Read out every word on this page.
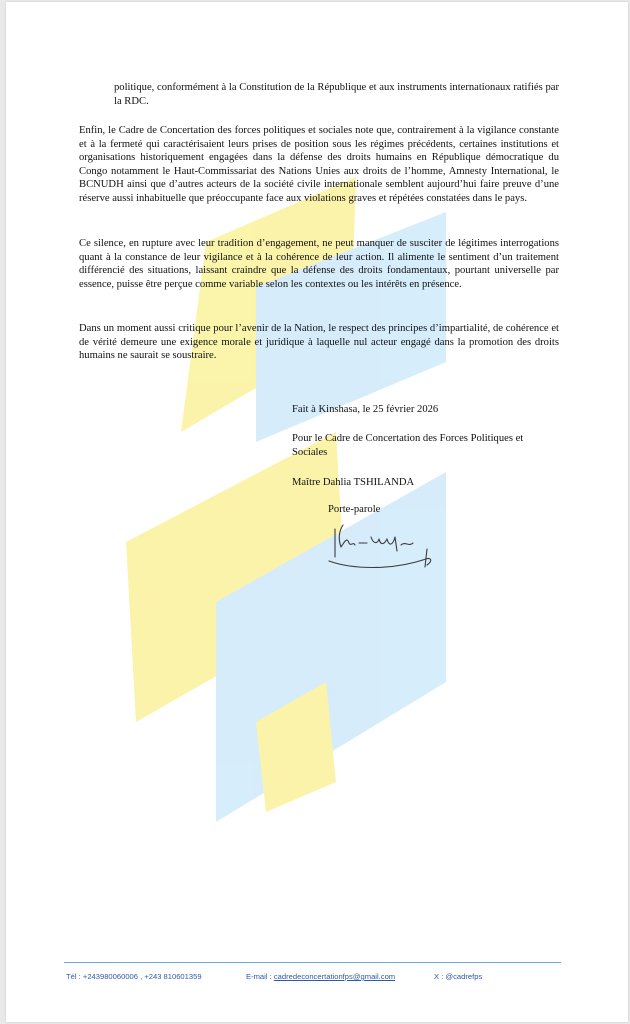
politique, conformément à la Constitution de la République et aux instruments internationaux ratifiés par la RDC.

Enfin, le Cadre de Concertation des forces politiques et sociales note que, contrairement à la vigilance constante et à la fermeté qui caractérisaient leurs prises de position sous les régimes précédents, certaines institutions et organisations historiquement engagées dans la défense des droits humains en République démocratique du Congo notamment le Haut-Commissariat des Nations Unies aux droits de l’homme, Amnesty International, le BCNUDH ainsi que d’autres acteurs de la société civile internationale semblent aujourd’hui faire preuve d’une réserve aussi inhabituelle que préoccupante face aux violations graves et répétées constatées dans le pays.

Ce silence, en rupture avec leur tradition d’engagement, ne peut manquer de susciter de légitimes interrogations quant à la constance de leur vigilance et à la cohérence de leur action. Il alimente le sentiment d’un traitement différencié des situations, laissant craindre que la défense des droits fondamentaux, pourtant universelle par essence, puisse être perçue comme variable selon les contextes ou les intérêts en présence.

Dans un moment aussi critique pour l’avenir de la Nation, le respect des principes d’impartialité, de cohérence et de vérité demeure une exigence morale et juridique à laquelle nul acteur engagé dans la promotion des droits humains ne saurait se soustraire.

Fait à Kinshasa, le 25 février 2026
Pour le Cadre de Concertation des Forces Politiques et Sociales
Maître Dahlia TSHILANDA
Porte-parole
Tél : +243980060006 , +243 810601359	E-mail : cadredeconcertationfps@gmail.com	X : @cadrefps
